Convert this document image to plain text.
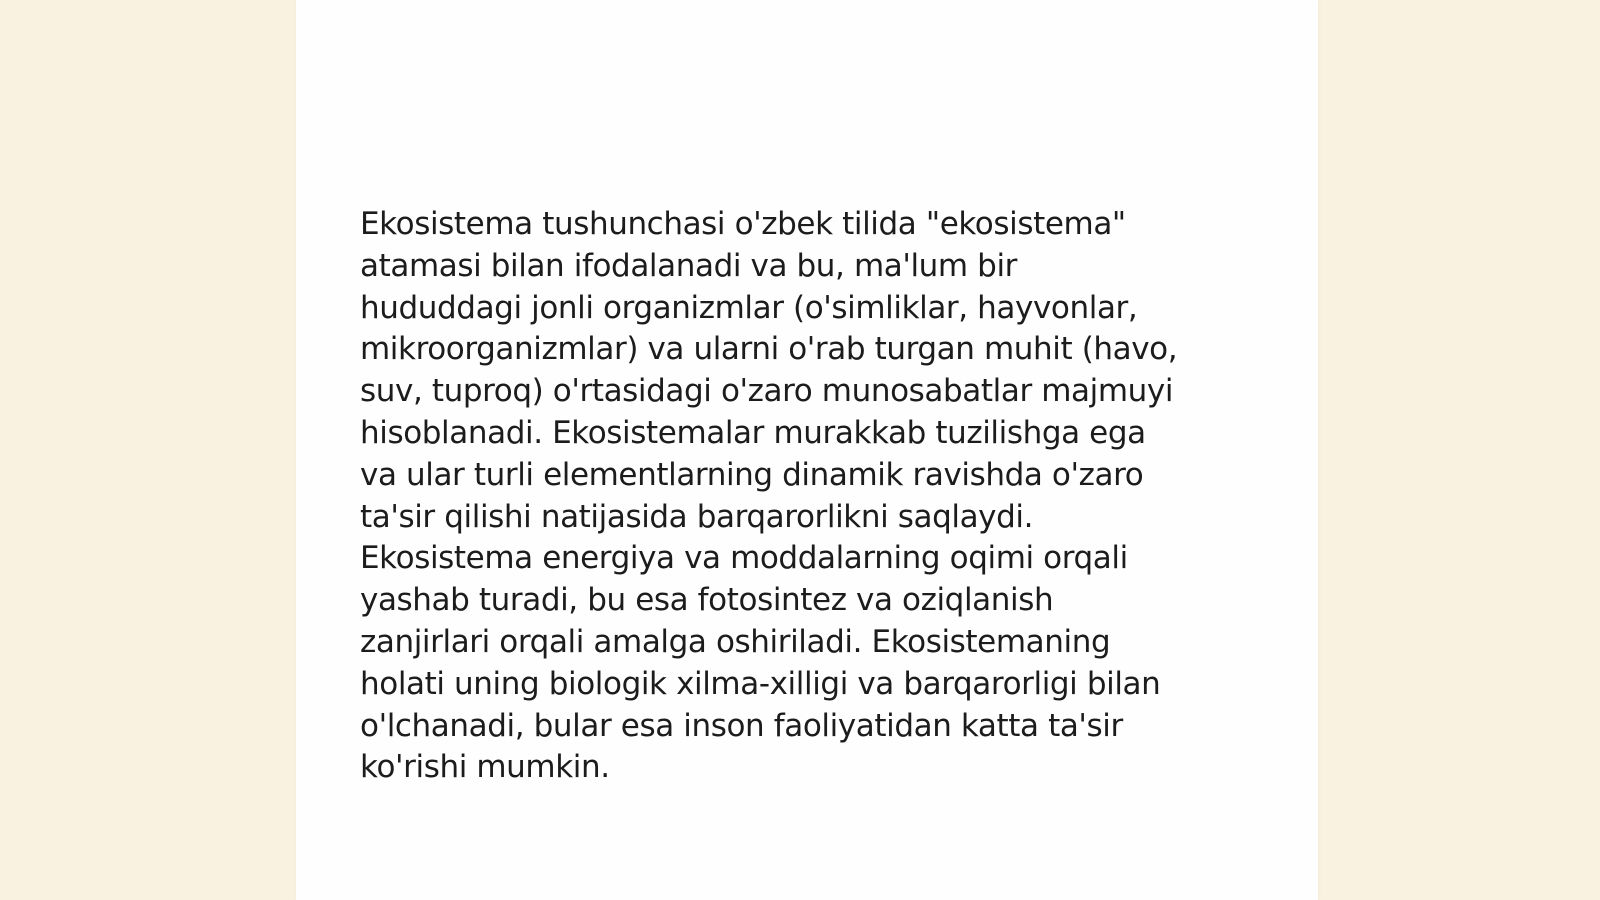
Ekosistema tushunchasi o'zbek tilida "ekosistema"
atamasi bilan ifodalanadi va bu, ma'lum bir
hududdagi jonli organizmlar (o'simliklar, hayvonlar,
mikroorganizmlar) va ularni o'rab turgan muhit (havo,
suv, tuproq) o'rtasidagi o'zaro munosabatlar majmuyi
hisoblanadi. Ekosistemalar murakkab tuzilishga ega
va ular turli elementlarning dinamik ravishda o'zaro
ta'sir qilishi natijasida barqarorlikni saqlaydi.
Ekosistema energiya va moddalarning oqimi orqali
yashab turadi, bu esa fotosintez va oziqlanish
zanjirlari orqali amalga oshiriladi. Ekosistemaning
holati uning biologik xilma-xilligi va barqarorligi bilan
o'lchanadi, bular esa inson faoliyatidan katta ta'sir
ko'rishi mumkin.
